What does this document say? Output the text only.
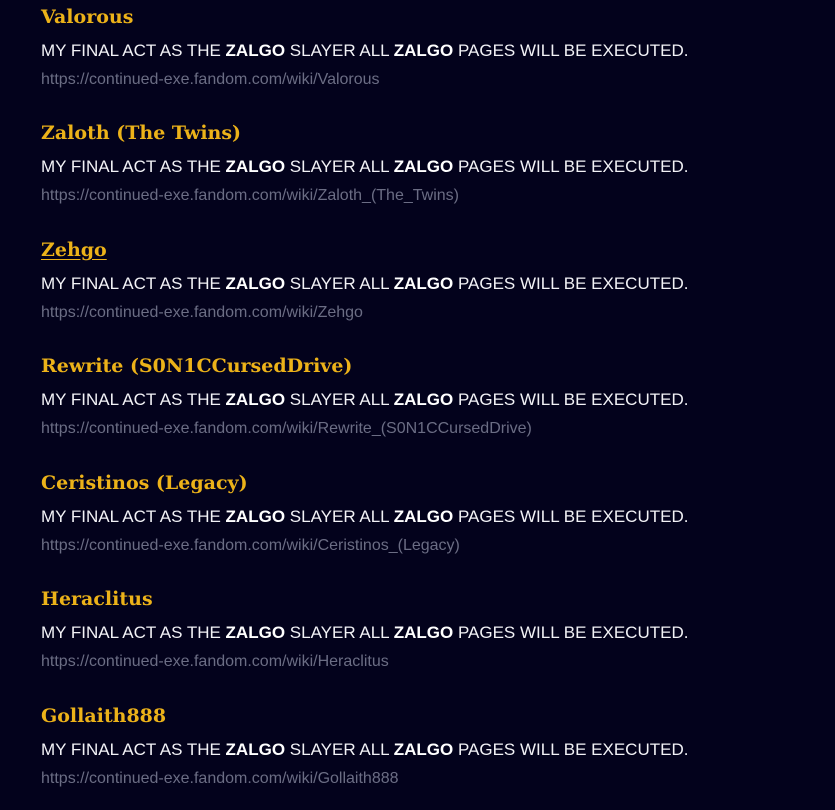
Valorous
MY FINAL ACT AS THE ZALGO SLAYER ALL ZALGO PAGES WILL BE EXECUTED.
https://continued-exe.fandom.com/wiki/Valorous
Zaloth (The Twins)
MY FINAL ACT AS THE ZALGO SLAYER ALL ZALGO PAGES WILL BE EXECUTED.
https://continued-exe.fandom.com/wiki/Zaloth_(The_Twins)
Zehgo
MY FINAL ACT AS THE ZALGO SLAYER ALL ZALGO PAGES WILL BE EXECUTED.
https://continued-exe.fandom.com/wiki/Zehgo
Rewrite (S0N1CCursedDrive)
MY FINAL ACT AS THE ZALGO SLAYER ALL ZALGO PAGES WILL BE EXECUTED.
https://continued-exe.fandom.com/wiki/Rewrite_(S0N1CCursedDrive)
Ceristinos (Legacy)
MY FINAL ACT AS THE ZALGO SLAYER ALL ZALGO PAGES WILL BE EXECUTED.
https://continued-exe.fandom.com/wiki/Ceristinos_(Legacy)
Heraclitus
MY FINAL ACT AS THE ZALGO SLAYER ALL ZALGO PAGES WILL BE EXECUTED.
https://continued-exe.fandom.com/wiki/Heraclitus
Gollaith888
MY FINAL ACT AS THE ZALGO SLAYER ALL ZALGO PAGES WILL BE EXECUTED.
https://continued-exe.fandom.com/wiki/Gollaith888
